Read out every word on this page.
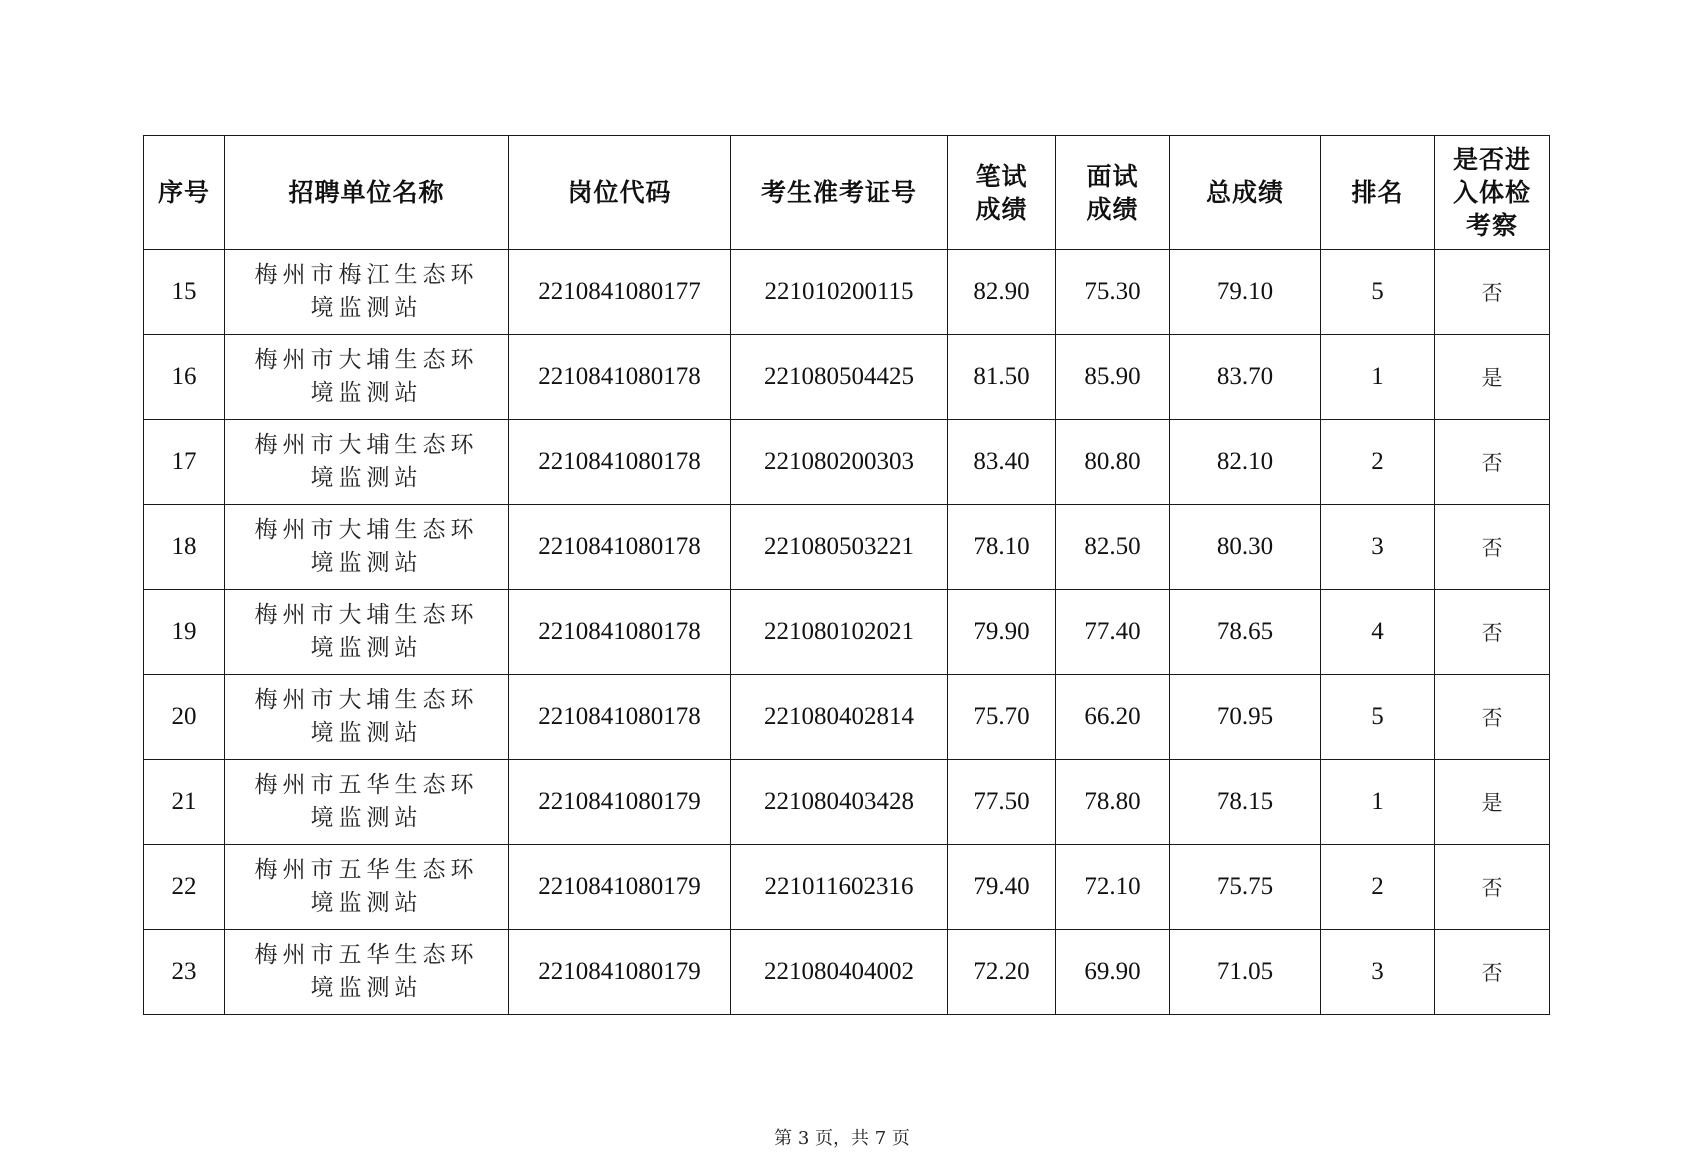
序号	招聘单位名称	岗位代码	考生准考证号	笔试成绩	面试成绩	总成绩	排名	是否进入体检考察
15	梅州市梅江生态环境监测站	2210841080177	221010200115	82.90	75.30	79.10	5	否
16	梅州市大埔生态环境监测站	2210841080178	221080504425	81.50	85.90	83.70	1	是
17	梅州市大埔生态环境监测站	2210841080178	221080200303	83.40	80.80	82.10	2	否
18	梅州市大埔生态环境监测站	2210841080178	221080503221	78.10	82.50	80.30	3	否
19	梅州市大埔生态环境监测站	2210841080178	221080102021	79.90	77.40	78.65	4	否
20	梅州市大埔生态环境监测站	2210841080178	221080402814	75.70	66.20	70.95	5	否
21	梅州市五华生态环境监测站	2210841080179	221080403428	77.50	78.80	78.15	1	是
22	梅州市五华生态环境监测站	2210841080179	221011602316	79.40	72.10	75.75	2	否
23	梅州市五华生态环境监测站	2210841080179	221080404002	72.20	69.90	71.05	3	否
第 3 页，共 7 页
